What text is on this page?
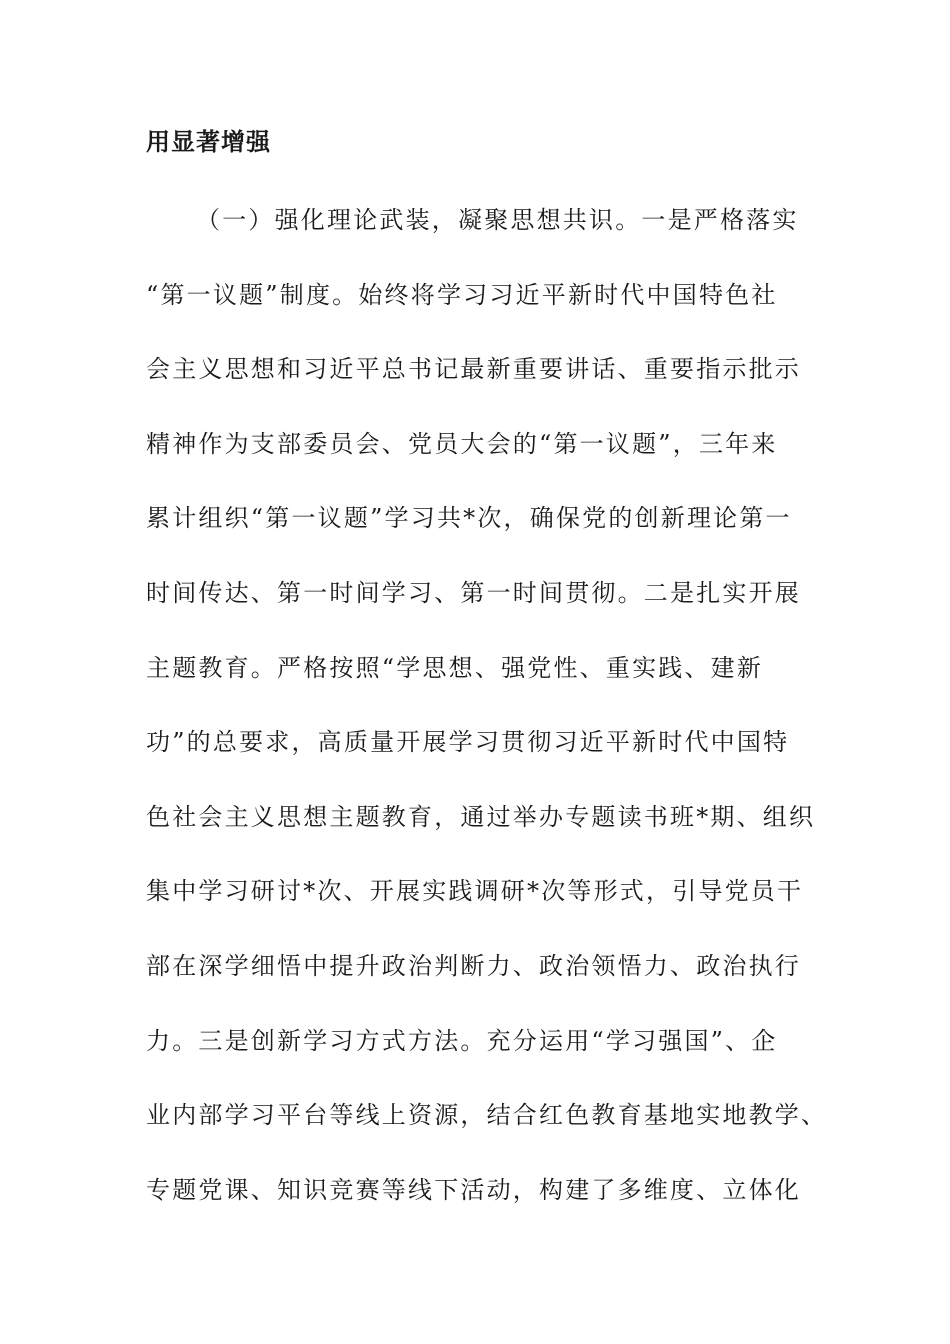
用显著增强
（一）强化理论武装，凝聚思想共识。一是严格落实
“第一议题”制度。始终将学习习近平新时代中国特色社
会主义思想和习近平总书记最新重要讲话、重要指示批示
精神作为支部委员会、党员大会的“第一议题”，三年来
累计组织“第一议题”学习共*次，确保党的创新理论第一
时间传达、第一时间学习、第一时间贯彻。二是扎实开展
主题教育。严格按照“学思想、强党性、重实践、建新
功”的总要求，高质量开展学习贯彻习近平新时代中国特
色社会主义思想主题教育，通过举办专题读书班*期、组织
集中学习研讨*次、开展实践调研*次等形式，引导党员干
部在深学细悟中提升政治判断力、政治领悟力、政治执行
力。三是创新学习方式方法。充分运用“学习强国”、企
业内部学习平台等线上资源，结合红色教育基地实地教学、
专题党课、知识竞赛等线下活动，构建了多维度、立体化
